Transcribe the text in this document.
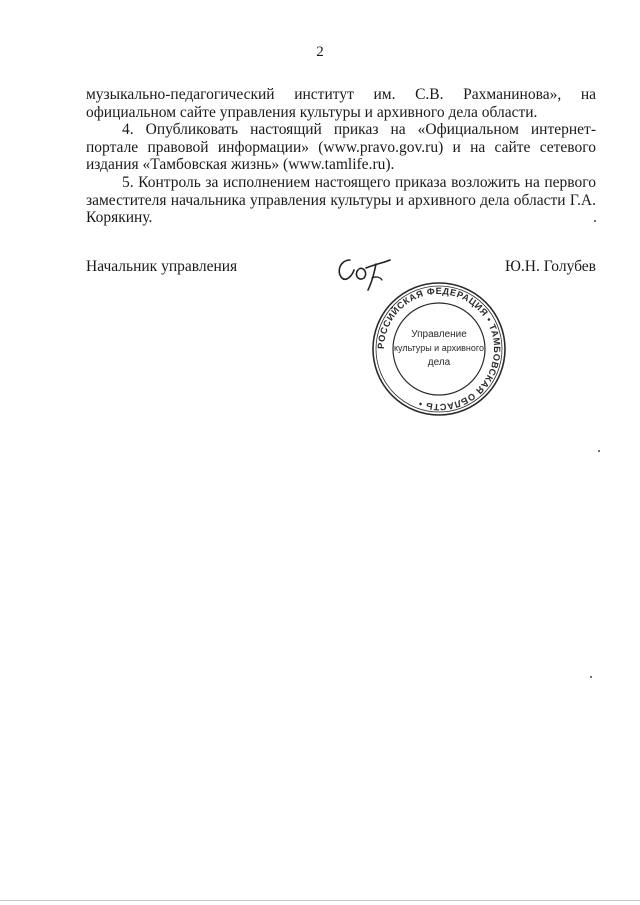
2

музыкально-педагогический институт им. С.В. Рахманинова», на официальном сайте управления культуры и архивного дела области.

4. Опубликовать настоящий приказ на «Официальном интернет-портале правовой информации» (www.pravo.gov.ru) и на сайте сетевого издания «Тамбовская жизнь» (www.tamlife.ru).

5. Контроль за исполнением настоящего приказа возложить на первого заместителя начальника управления культуры и архивного дела области Г.А. Корякину.

Начальник управления	Ю.Н. Голубев
РОССИЙСКАЯ ФЕДЕРАЦИЯ • ТАМБОВСКАЯ ОБЛАСТЬ •
Управление
культуры и архивного
дела
